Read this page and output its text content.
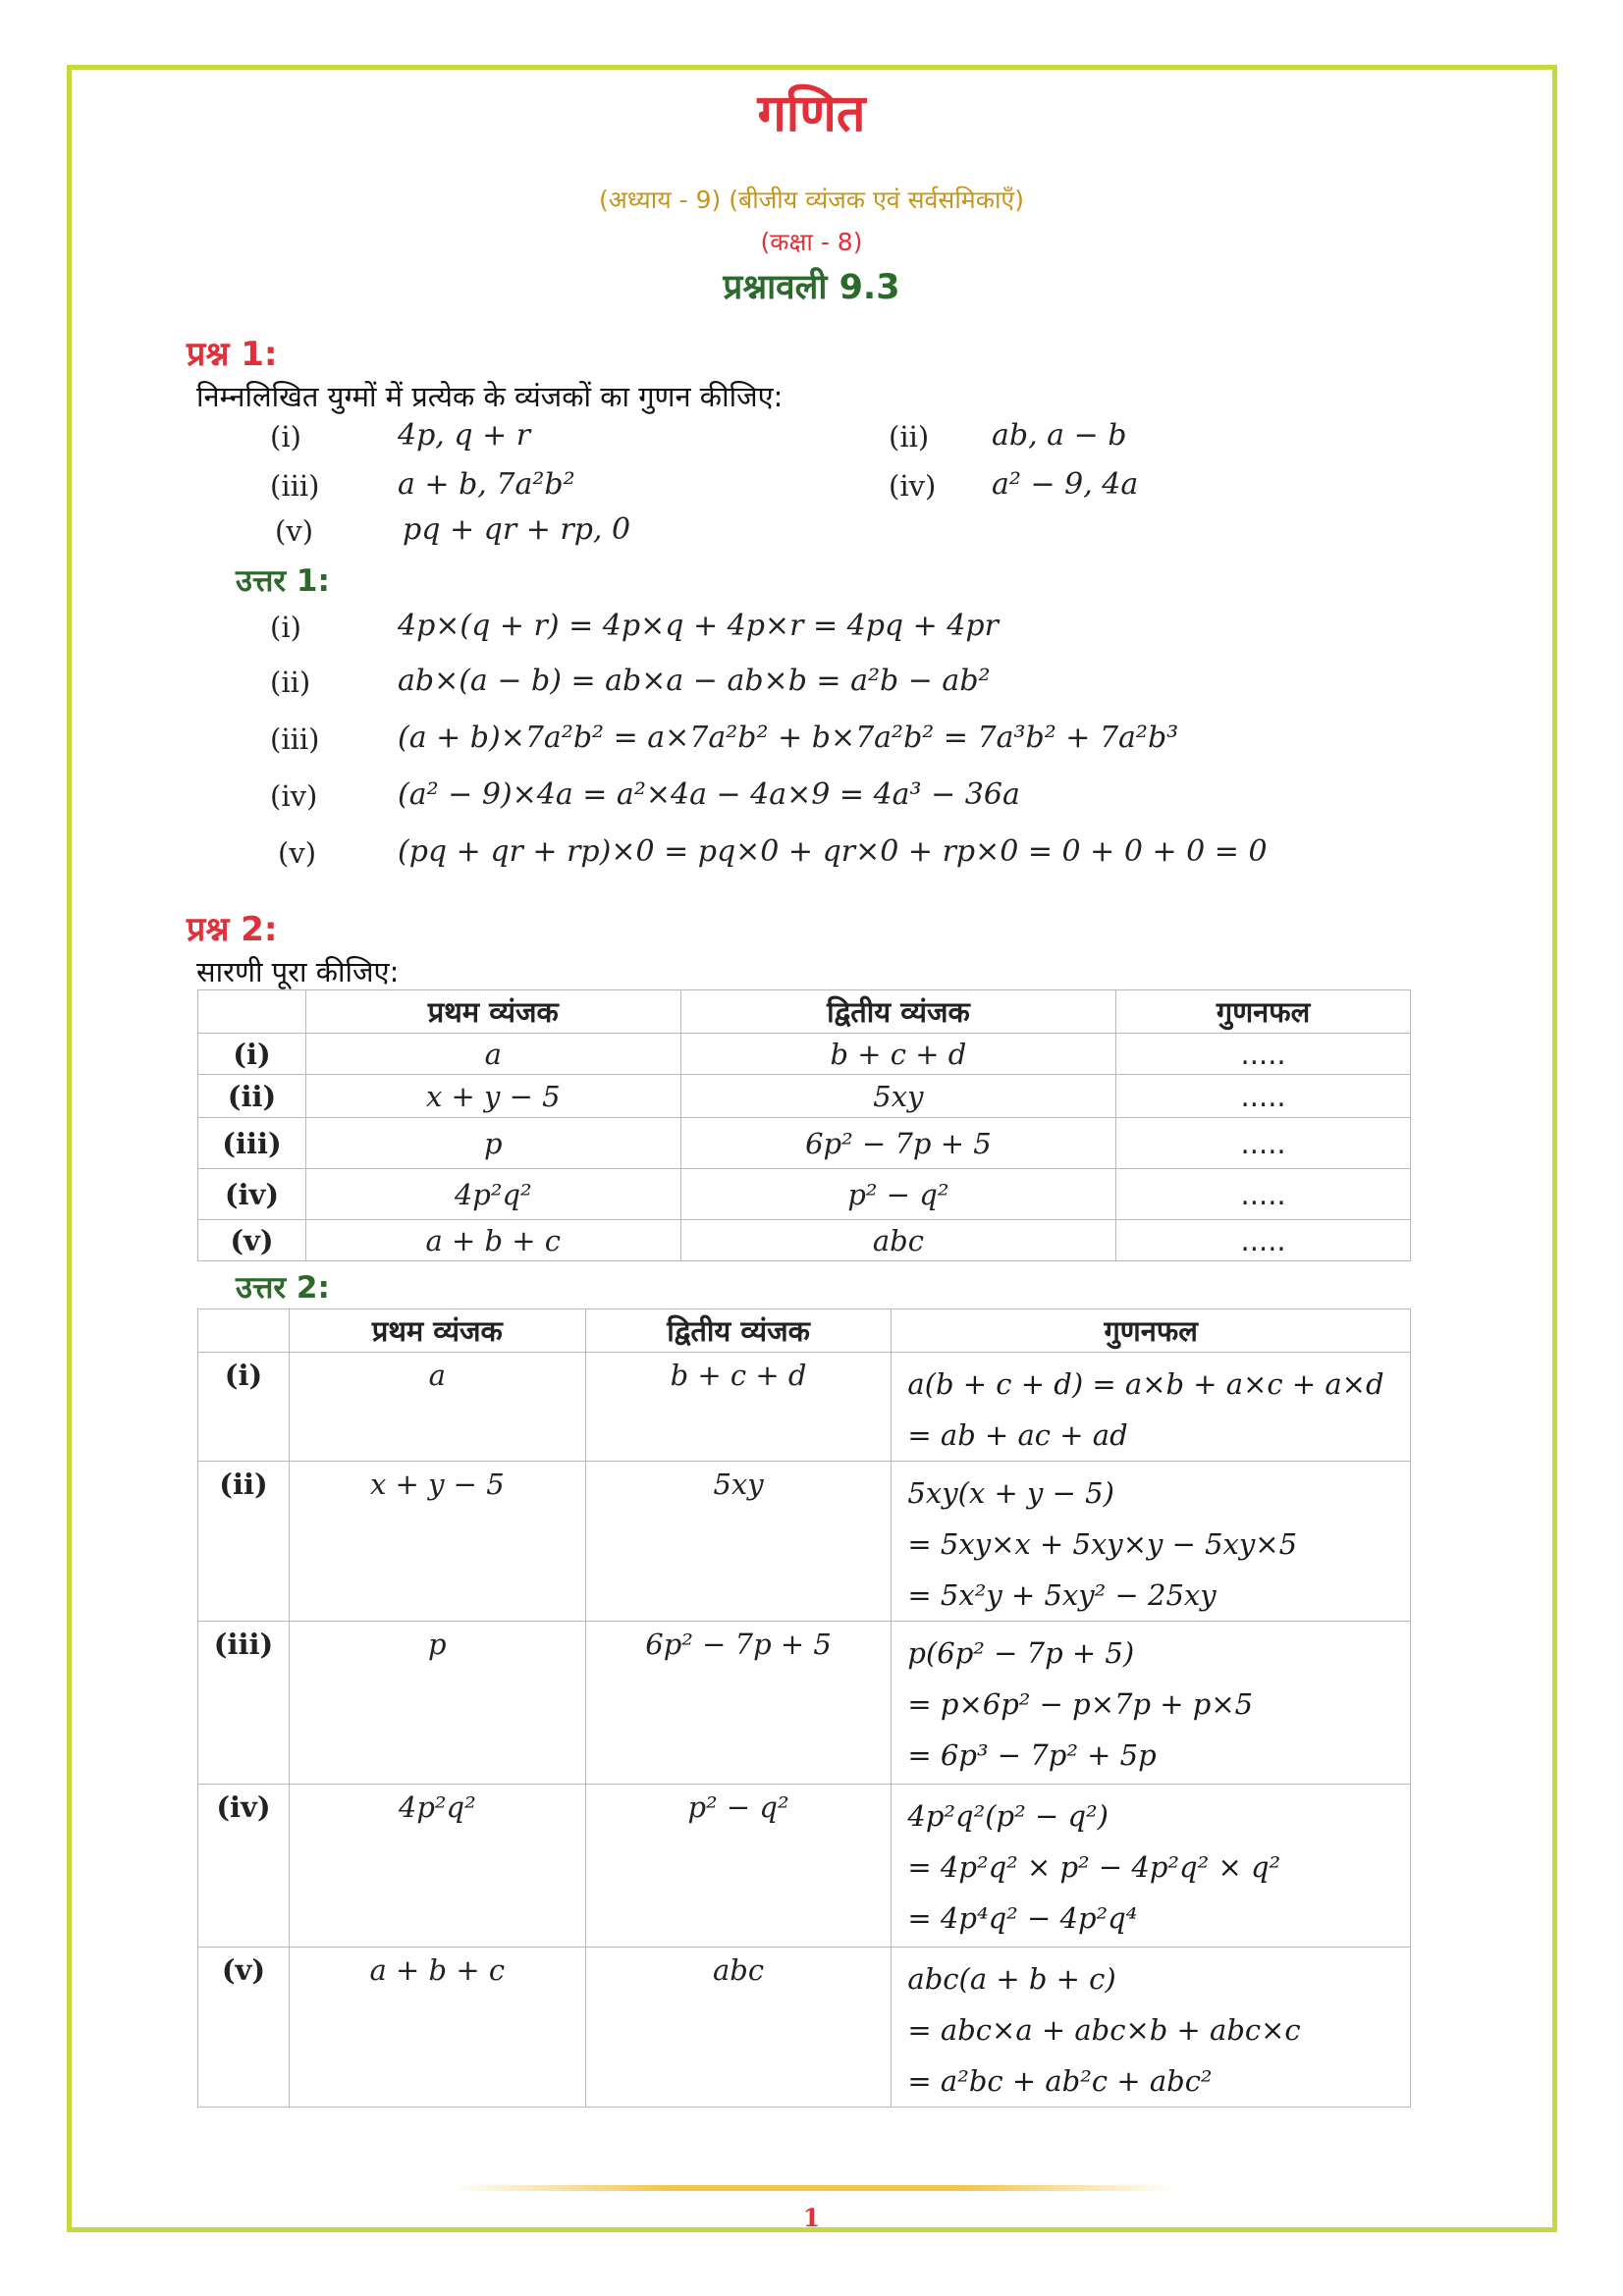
गणित
(अध्याय - 9) (बीजीय व्यंजक एवं सर्वसमिकाएँ)
(कक्षा - 8)
प्रश्नावली 9.3
प्रश्न 1:
निम्नलिखित युग्मों में प्रत्येक के व्यंजकों का गुणन कीजिए:
(i)	4p, q + r	(ii) ab, a − b
(iii)	a + b, 7a²b²	(iv) a² − 9, 4a
(v)	pq + qr + rp, 0
उत्तर 1:
(i)	4p×(q + r) = 4p×q + 4p×r = 4pq + 4pr
(ii)	ab×(a − b) = ab×a − ab×b = a²b − ab²
(iii)	(a + b)×7a²b² = a×7a²b² + b×7a²b² = 7a³b² + 7a²b³
(iv)	(a² − 9)×4a = a²×4a − 4a×9 = 4a³ − 36a
(v)	(pq + qr + rp)×0 = pq×0 + qr×0 + rp×0 = 0 + 0 + 0 = 0
प्रश्न 2:
सारणी पूरा कीजिए:
	प्रथम व्यंजक	द्वितीय व्यंजक	गुणनफल
(i)	a	b + c + d	.....
(ii)	x + y − 5	5xy	.....
(iii)	p	6p² − 7p + 5	.....
(iv)	4p²q²	p² − q²	.....
(v)	a + b + c	abc	.....
उत्तर 2:
	प्रथम व्यंजक	द्वितीय व्यंजक	गुणनफल
(i)	a	b + c + d	a(b + c + d) = a×b + a×c + a×d
= ab + ac + ad

(ii)	x + y − 5	5xy	5xy(x + y − 5)
= 5xy×x + 5xy×y − 5xy×5
= 5x²y + 5xy² − 25xy

(iii)	p	6p² − 7p + 5	p(6p² − 7p + 5)
= p×6p² − p×7p + p×5
= 6p³ − 7p² + 5p

(iv)	4p²q²	p² − q²	4p²q²(p² − q²)
= 4p²q² × p² − 4p²q² × q²
= 4p⁴q² − 4p²q⁴

(v)	a + b + c	abc	abc(a + b + c)
= abc×a + abc×b + abc×c
= a²bc + ab²c + abc²
1
